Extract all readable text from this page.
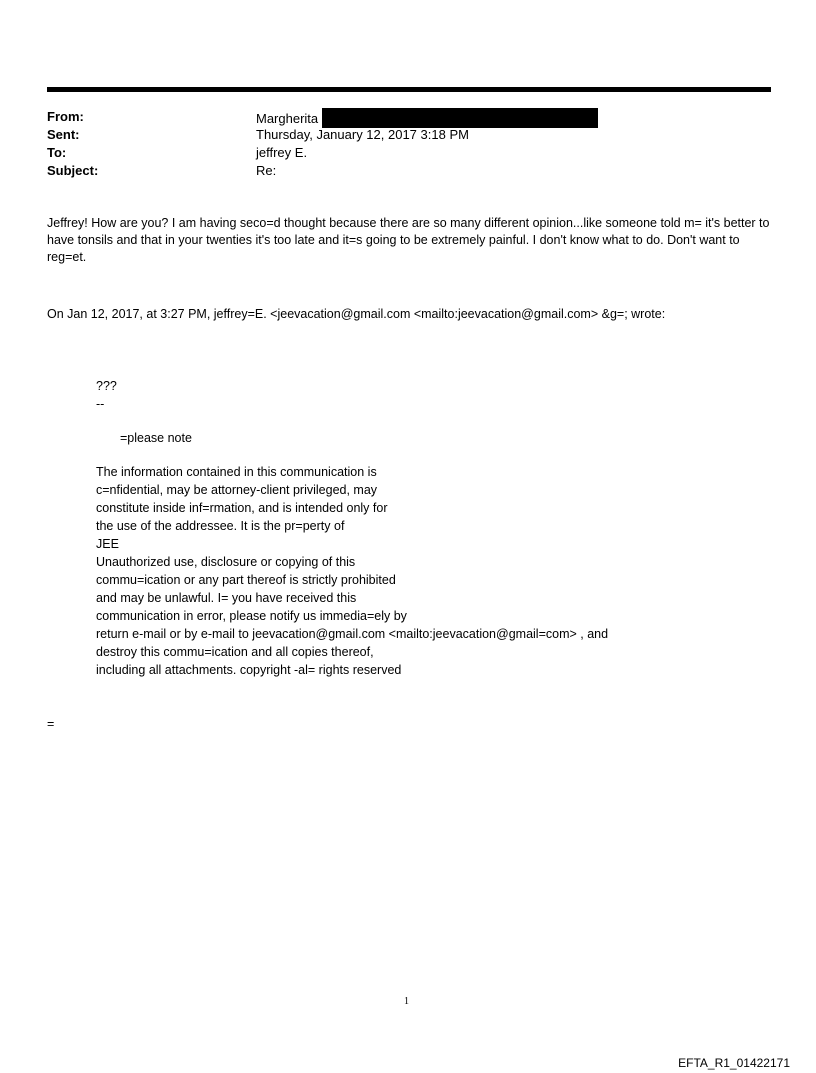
From:	Margherita
Sent:	Thursday, January 12, 2017 3:18 PM
To:	jeffrey E.
Subject:	Re:
Jeffrey! How are you? I am having seco=d thought because there are so many different opinion...like someone told m= it's better to have tonsils and that in your twenties it's too late and it=s going to be extremely painful. I don't know what to do. Don't want to reg=et.
On Jan 12, 2017, at 3:27 PM, jeffrey=E. <jeevacation@gmail.com <mailto:jeevacation@gmail.com> &g=; wrote:
???
--
=please note
The information contained in this communication is
c=nfidential, may be attorney-client privileged, may
constitute inside inf=rmation, and is intended only for
the use of the addressee. It is the pr=perty of
JEE
Unauthorized use, disclosure or copying of this
commu=ication or any part thereof is strictly prohibited
and may be unlawful. I= you have received this
communication in error, please notify us immedia=ely by
return e-mail or by e-mail to jeevacation@gmail.com <mailto:jeevacation@gmail=com> , and
destroy this commu=ication and all copies thereof,
including all attachments. copyright -al= rights reserved
=
1
EFTA_R1_01422171
